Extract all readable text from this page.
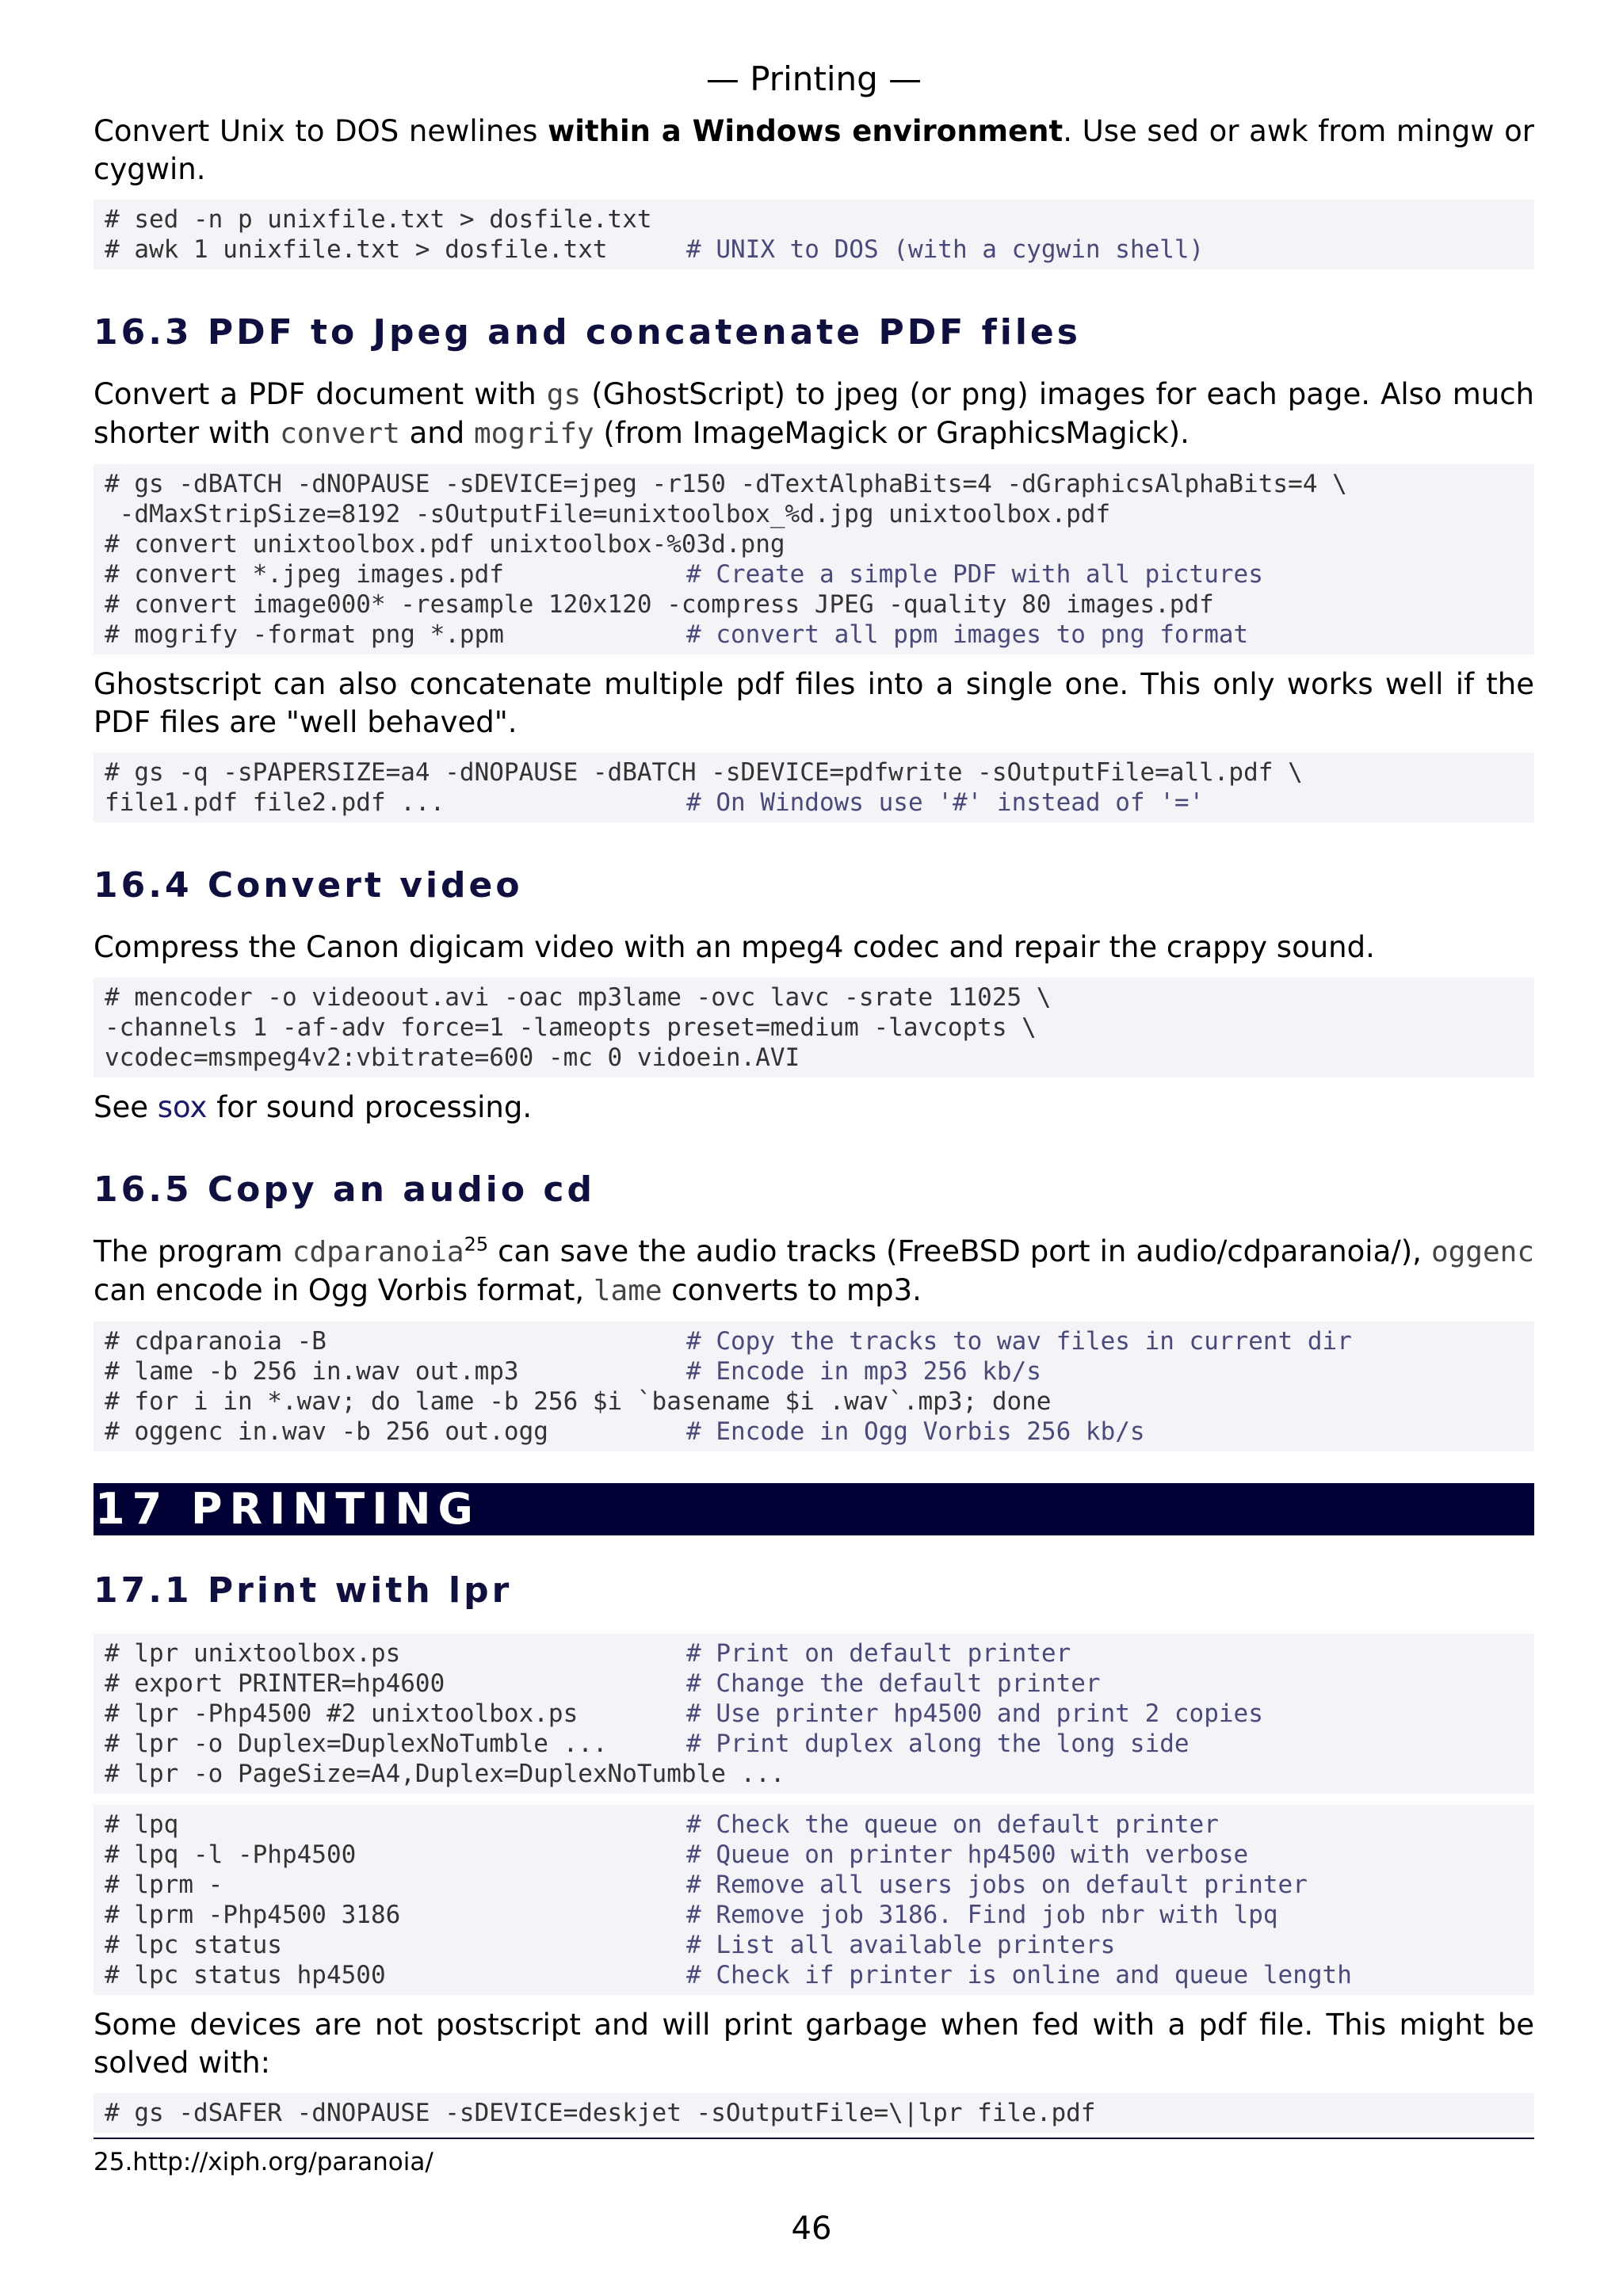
— Printing —

Convert Unix to DOS newlines within a Windows environment. Use sed or awk from mingw or cygwin.

# sed -n p unixfile.txt > dosfile.txt
# awk 1 unixfile.txt > dosfile.txt	# UNIX to DOS (with a cygwin shell)
16.3 PDF to Jpeg and concatenate PDF files

Convert a PDF document with gs (GhostScript) to jpeg (or png) images for each page. Also much shorter with convert and mogrify (from ImageMagick or GraphicsMagick).

# gs -dBATCH -dNOPAUSE -sDEVICE=jpeg -r150 -dTextAlphaBits=4 -dGraphicsAlphaBits=4 \
-dMaxStripSize=8192 -sOutputFile=unixtoolbox_%d.jpg unixtoolbox.pdf
# convert unixtoolbox.pdf unixtoolbox-%03d.png
# convert *.jpeg images.pdf	# Create a simple PDF with all pictures
# convert image000* -resample 120x120 -compress JPEG -quality 80 images.pdf
# mogrify -format png *.ppm	# convert all ppm images to png format

Ghostscript can also concatenate multiple pdf files into a single one. This only works well if the PDF files are "well behaved".

# gs -q -sPAPERSIZE=a4 -dNOPAUSE -dBATCH -sDEVICE=pdfwrite -sOutputFile=all.pdf \
file1.pdf file2.pdf ...	# On Windows use '#' instead of '='
16.4 Convert video

Compress the Canon digicam video with an mpeg4 codec and repair the crappy sound.

# mencoder -o videoout.avi -oac mp3lame -ovc lavc -srate 11025 \
-channels 1 -af-adv force=1 -lameopts preset=medium -lavcopts \
vcodec=msmpeg4v2:vbitrate=600 -mc 0 vidoein.AVI

See sox for sound processing.

16.5 Copy an audio cd

The program cdparanoia$^{25}$ can save the audio tracks (FreeBSD port in audio/cdparanoia/), oggenc can encode in Ogg Vorbis format, lame converts to mp3.

# cdparanoia -B	# Copy the tracks to wav files in current dir
# lame -b 256 in.wav out.mp3	# Encode in mp3 256 kb/s
# for i in *.wav; do lame -b 256 $i `basename $i .wav`.mp3; done
# oggenc in.wav -b 256 out.ogg	# Encode in Ogg Vorbis 256 kb/s
17 PRINTING
17.1 Print with lpr
# lpr unixtoolbox.ps	# Print on default printer
# export PRINTER=hp4600	# Change the default printer
# lpr -Php4500 #2 unixtoolbox.ps	# Use printer hp4500 and print 2 copies
# lpr -o Duplex=DuplexNoTumble ...	# Print duplex along the long side
# lpr -o PageSize=A4,Duplex=DuplexNoTumble ...
# lpq	# Check the queue on default printer
# lpq -l -Php4500	# Queue on printer hp4500 with verbose
# lprm -	# Remove all users jobs on default printer
# lprm -Php4500 3186	# Remove job 3186. Find job nbr with lpq
# lpc status	# List all available printers
# lpc status hp4500	# Check if printer is online and queue length

Some devices are not postscript and will print garbage when fed with a pdf file. This might be solved with:

# gs -dSAFER -dNOPAUSE -sDEVICE=deskjet -sOutputFile=\|lpr file.pdf
25.http://xiph.org/paranoia/
46
